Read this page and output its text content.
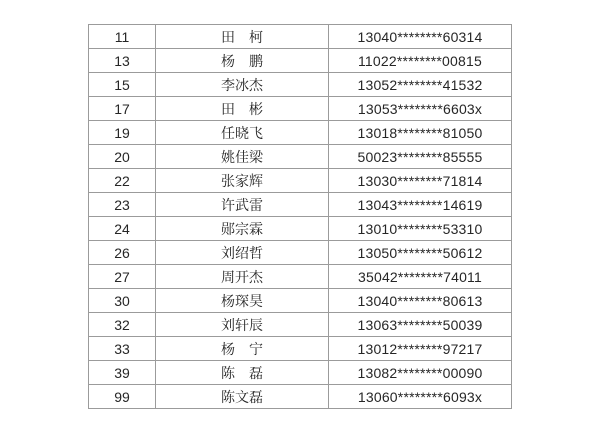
11	田　柯	13040********60314
13	杨　鹏	11022********00815
15	李冰杰	13052********41532
17	田　彬	13053********6603x
19	任晓飞	13018********81050
20	姚佳梁	50023********85555
22	张家辉	13030********71814
23	许武雷	13043********14619
24	郧宗霖	13010********53310
26	刘绍哲	13050********50612
27	周开杰	35042********74011
30	杨琛昊	13040********80613
32	刘轩辰	13063********50039
33	杨　宁	13012********97217
39	陈　磊	13082********00090
99	陈文磊	13060********6093x
